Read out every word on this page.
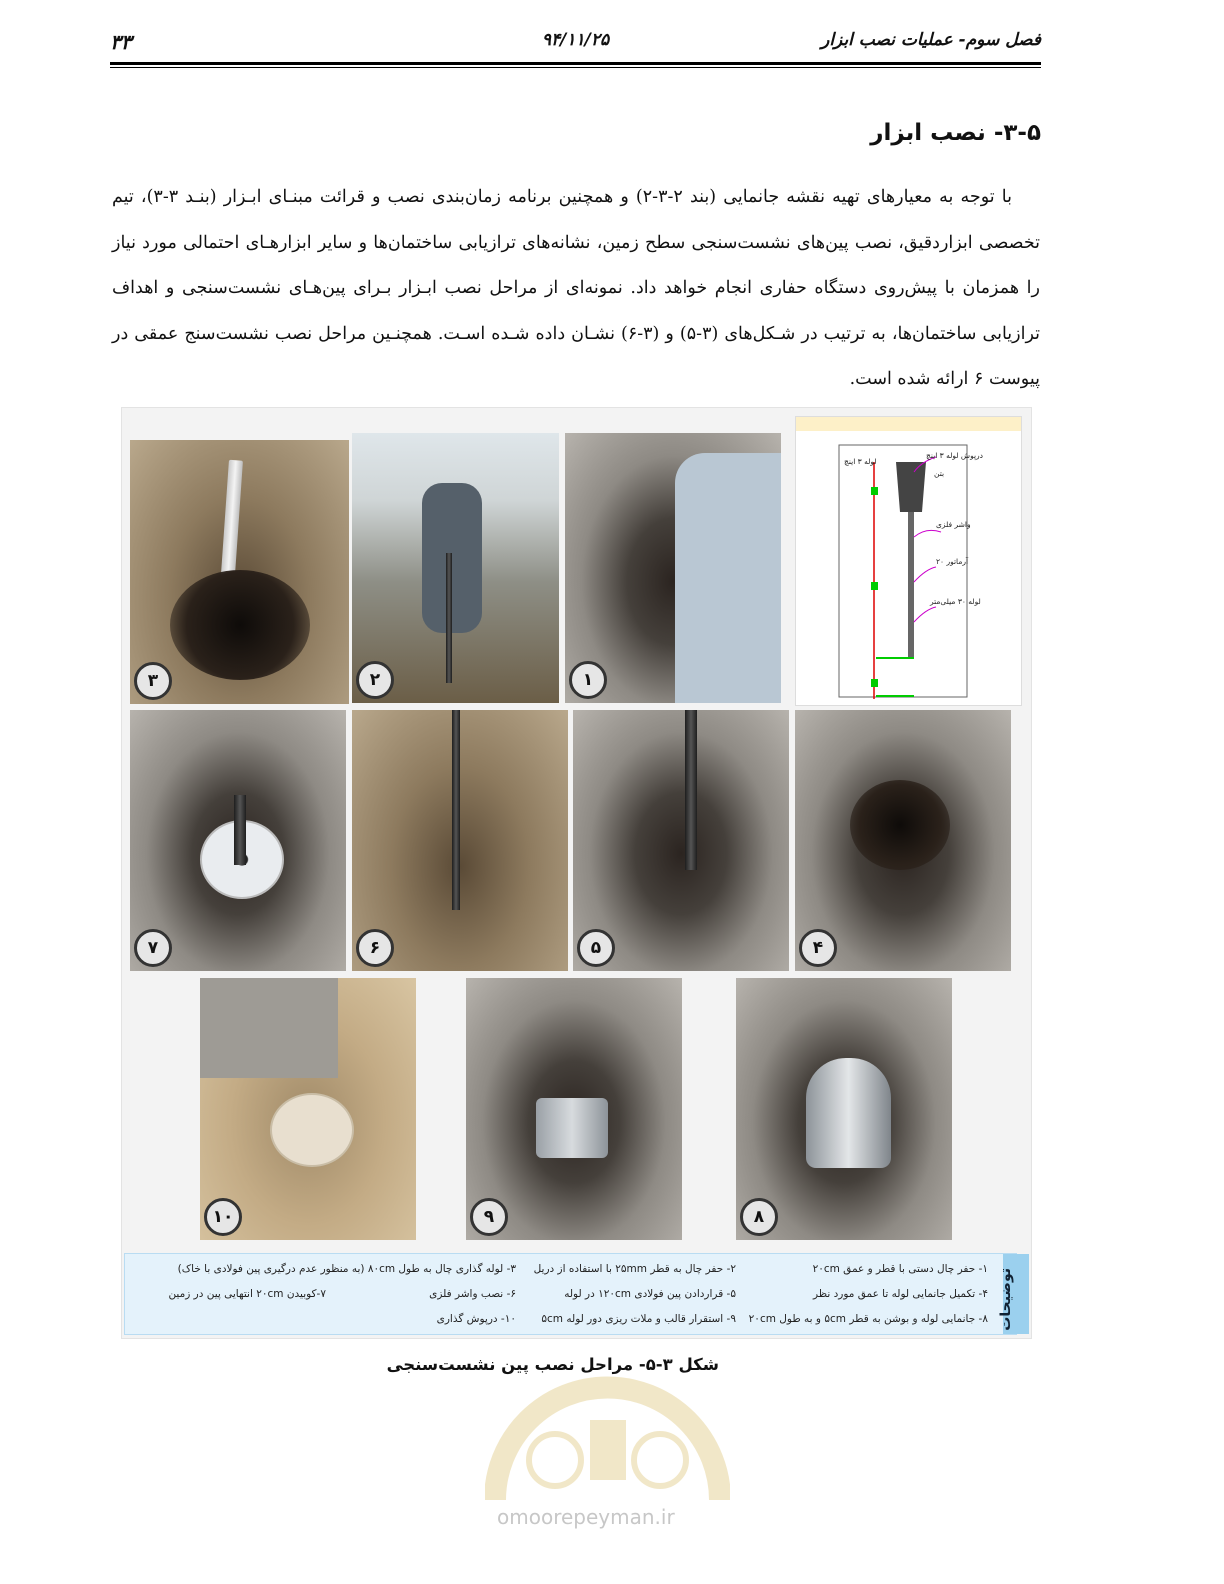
فصل سوم- عملیات نصب ابزار
۹۴/۱۱/۲۵
۳۳
۳-۵- نصب ابزار
با توجه به معیارهای تهیه نقشه جانمایی (بند ۲-۳-۲) و همچنین برنامه زمان‌بندی نصب و قرائت مبنـای ابـزار (بنـد ۳-۳)، تیم تخصصی ابزاردقیق، نصب پین‌های نشست‌سنجی سطح زمین، نشانه‌های ترازیابی ساختمان‌ها و سایر ابزارهـای احتمالی مورد نیاز را همزمان با پیش‌روی دستگاه حفاری انجام خواهد داد. نمونه‌ای از مراحل نصب ابـزار بـرای پین‌هـای نشست‌سنجی و اهداف ترازیابی ساختمان‌ها، به ترتیب در شـکل‌های (۳-۵) و (۳-۶) نشـان داده شـده اسـت. همچنـین مراحل نصب نشست‌سنج عمقی در پیوست ۶ ارائه شده است.
۳	۲	۱
درپوش لوله ۳ اینچ
لوله ۳ اینچ
بتن
واشر فلزی
آرماتور ۲۰
لوله ۳۰ میلی‌متر
۷	۶	۵	۴
۱۰	۹	۸
توضیحات
۱- حفر چال دستی با قطر و عمق ۲۰cm
۲- حفر چال به قطر ۲۵mm با استفاده از دریل
۳- لوله گذاری چال به طول ۸۰cm (به منظور عدم درگیری پین فولادی با خاک)
۴- تکمیل جانمایی لوله تا عمق مورد نظر
۵- قراردادن پین فولادی ۱۲۰cm در لوله
۶- نصب واشر فلزی
۷-کوبیدن ۲۰cm انتهایی پین در زمین
۸- جانمایی لوله و بوشن به قطر ۵cm و به طول ۲۰cm
۹- استقرار قالب و ملات ریزی دور لوله ۵cm
۱۰- درپوش گذاری
شکل ۳-۵- مراحل نصب پین نشست‌سنجی
omoorepeyman.ir
